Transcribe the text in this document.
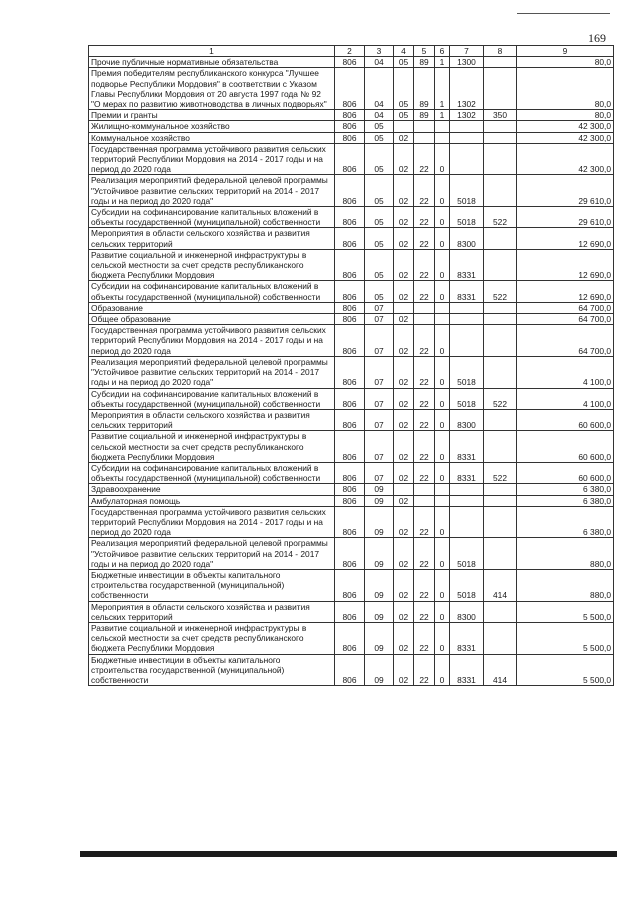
169
1	2	3	4	5	6	7	8	9
Прочие публичные нормативные обязательства	806	04	05	89	1	1300		80,0
Премия победителям республиканского конкурса "Лучшее подворье Республики Мордовия" в соответствии с Указом Главы Республики Мордовия от 20 августа 1997 года № 92 "О мерах по развитию животноводства в личных подворьях"	806	04	05	89	1	1302		80,0
Премии и гранты	806	04	05	89	1	1302	350	80,0
Жилищно-коммунальное хозяйство	806	05						42 300,0
Коммунальное хозяйство	806	05	02					42 300,0
Государственная программа устойчивого развития сельских территорий Республики Мордовия на 2014 - 2017 годы и на период до 2020 года	806	05	02	22	0			42 300,0
Реализация мероприятий федеральной целевой программы "Устойчивое развитие сельских территорий на 2014 - 2017 годы и на период до 2020 года"	806	05	02	22	0	5018		29 610,0
Субсидии на софинансирование капитальных вложений в объекты государственной (муниципальной) собственности	806	05	02	22	0	5018	522	29 610,0
Мероприятия в области сельского хозяйства и развития сельских территорий	806	05	02	22	0	8300		12 690,0
Развитие социальной и инженерной инфраструктуры в сельской местности за счет средств республиканского бюджета Республики Мордовия	806	05	02	22	0	8331		12 690,0
Субсидии на софинансирование капитальных вложений в объекты государственной (муниципальной) собственности	806	05	02	22	0	8331	522	12 690,0
Образование	806	07						64 700,0
Общее образование	806	07	02					64 700,0
Государственная программа устойчивого развития сельских территорий Республики Мордовия на 2014 - 2017 годы и на период до 2020 года	806	07	02	22	0			64 700,0
Реализация мероприятий федеральной целевой программы "Устойчивое развитие сельских территорий на 2014 - 2017 годы и на период до 2020 года"	806	07	02	22	0	5018		4 100,0
Субсидии на софинансирование капитальных вложений в объекты государственной (муниципальной) собственности	806	07	02	22	0	5018	522	4 100,0
Мероприятия в области сельского хозяйства и развития сельских территорий	806	07	02	22	0	8300		60 600,0
Развитие социальной и инженерной инфраструктуры в сельской местности за счет средств республиканского бюджета Республики Мордовия	806	07	02	22	0	8331		60 600,0
Субсидии на софинансирование капитальных вложений в объекты государственной (муниципальной) собственности	806	07	02	22	0	8331	522	60 600,0
Здравоохранение	806	09						6 380,0
Амбулаторная помощь	806	09	02					6 380,0
Государственная программа устойчивого развития сельских территорий Республики Мордовия на 2014 - 2017 годы и на период до 2020 года	806	09	02	22	0			6 380,0
Реализация мероприятий федеральной целевой программы "Устойчивое развитие сельских территорий на 2014 - 2017 годы и на период до 2020 года"	806	09	02	22	0	5018		880,0
Бюджетные инвестиции в объекты капитального строительства государственной (муниципальной) собственности	806	09	02	22	0	5018	414	880,0
Мероприятия в области сельского хозяйства и развития сельских территорий	806	09	02	22	0	8300		5 500,0
Развитие социальной и инженерной инфраструктуры в сельской местности за счет средств республиканского бюджета Республики Мордовия	806	09	02	22	0	8331		5 500,0
Бюджетные инвестиции в объекты капитального строительства государственной (муниципальной) собственности	806	09	02	22	0	8331	414	5 500,0
